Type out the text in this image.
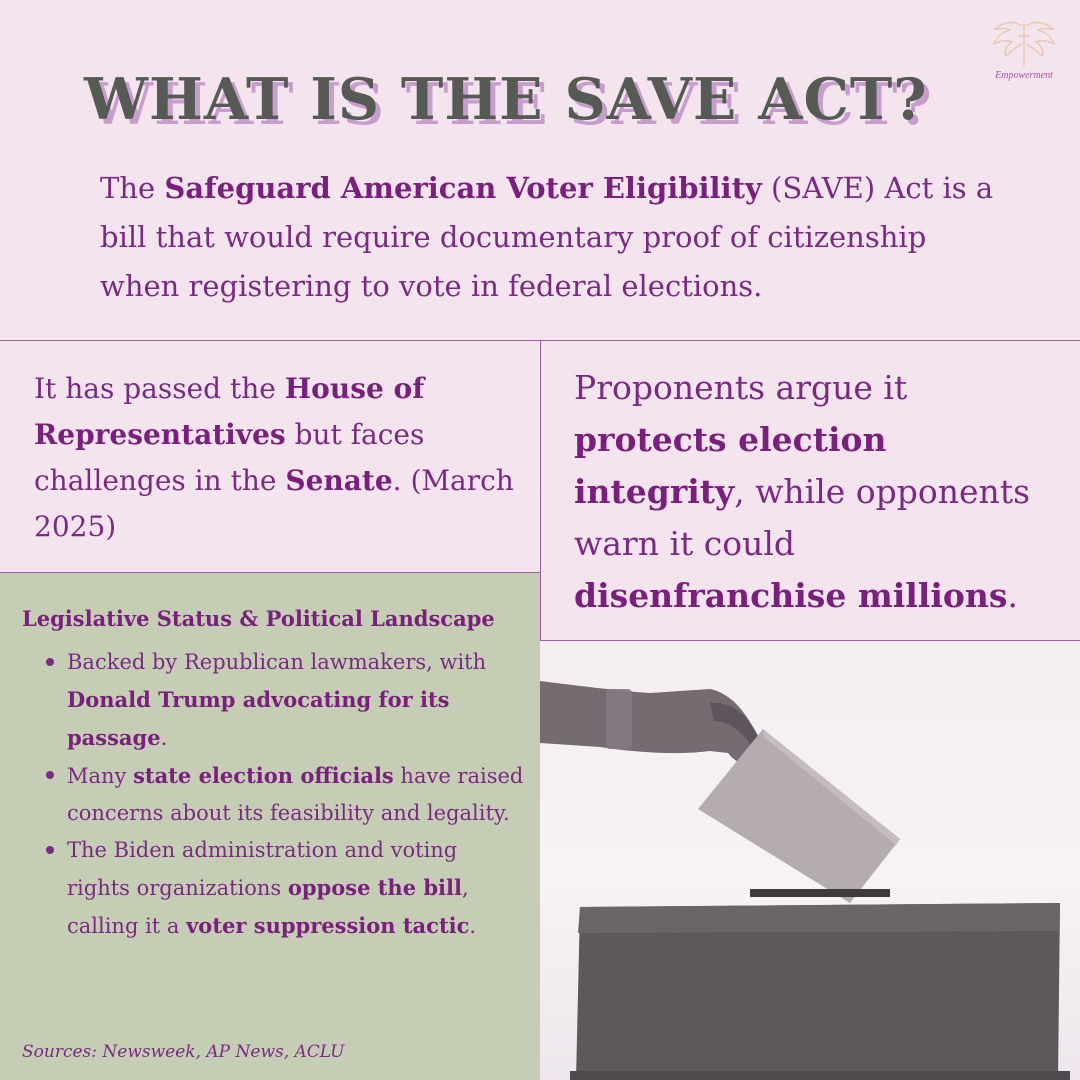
Empowerment
WHAT IS THE SAVE ACT?

The Safeguard American Voter Eligibility (SAVE) Act is a bill that would require documentary proof of citizenship when registering to vote in federal elections.

It has passed the House of Representatives but faces challenges in the Senate. (March 2025)

Proponents argue it protects election integrity, while opponents warn it could disenfranchise millions.

Legislative Status & Political Landscape
Backed by Republican lawmakers, with Donald Trump advocating for its passage.
Many state election officials have raised concerns about its feasibility and legality.
The Biden administration and voting rights organizations oppose the bill, calling it a voter suppression tactic.

Sources: Newsweek, AP News, ACLU
